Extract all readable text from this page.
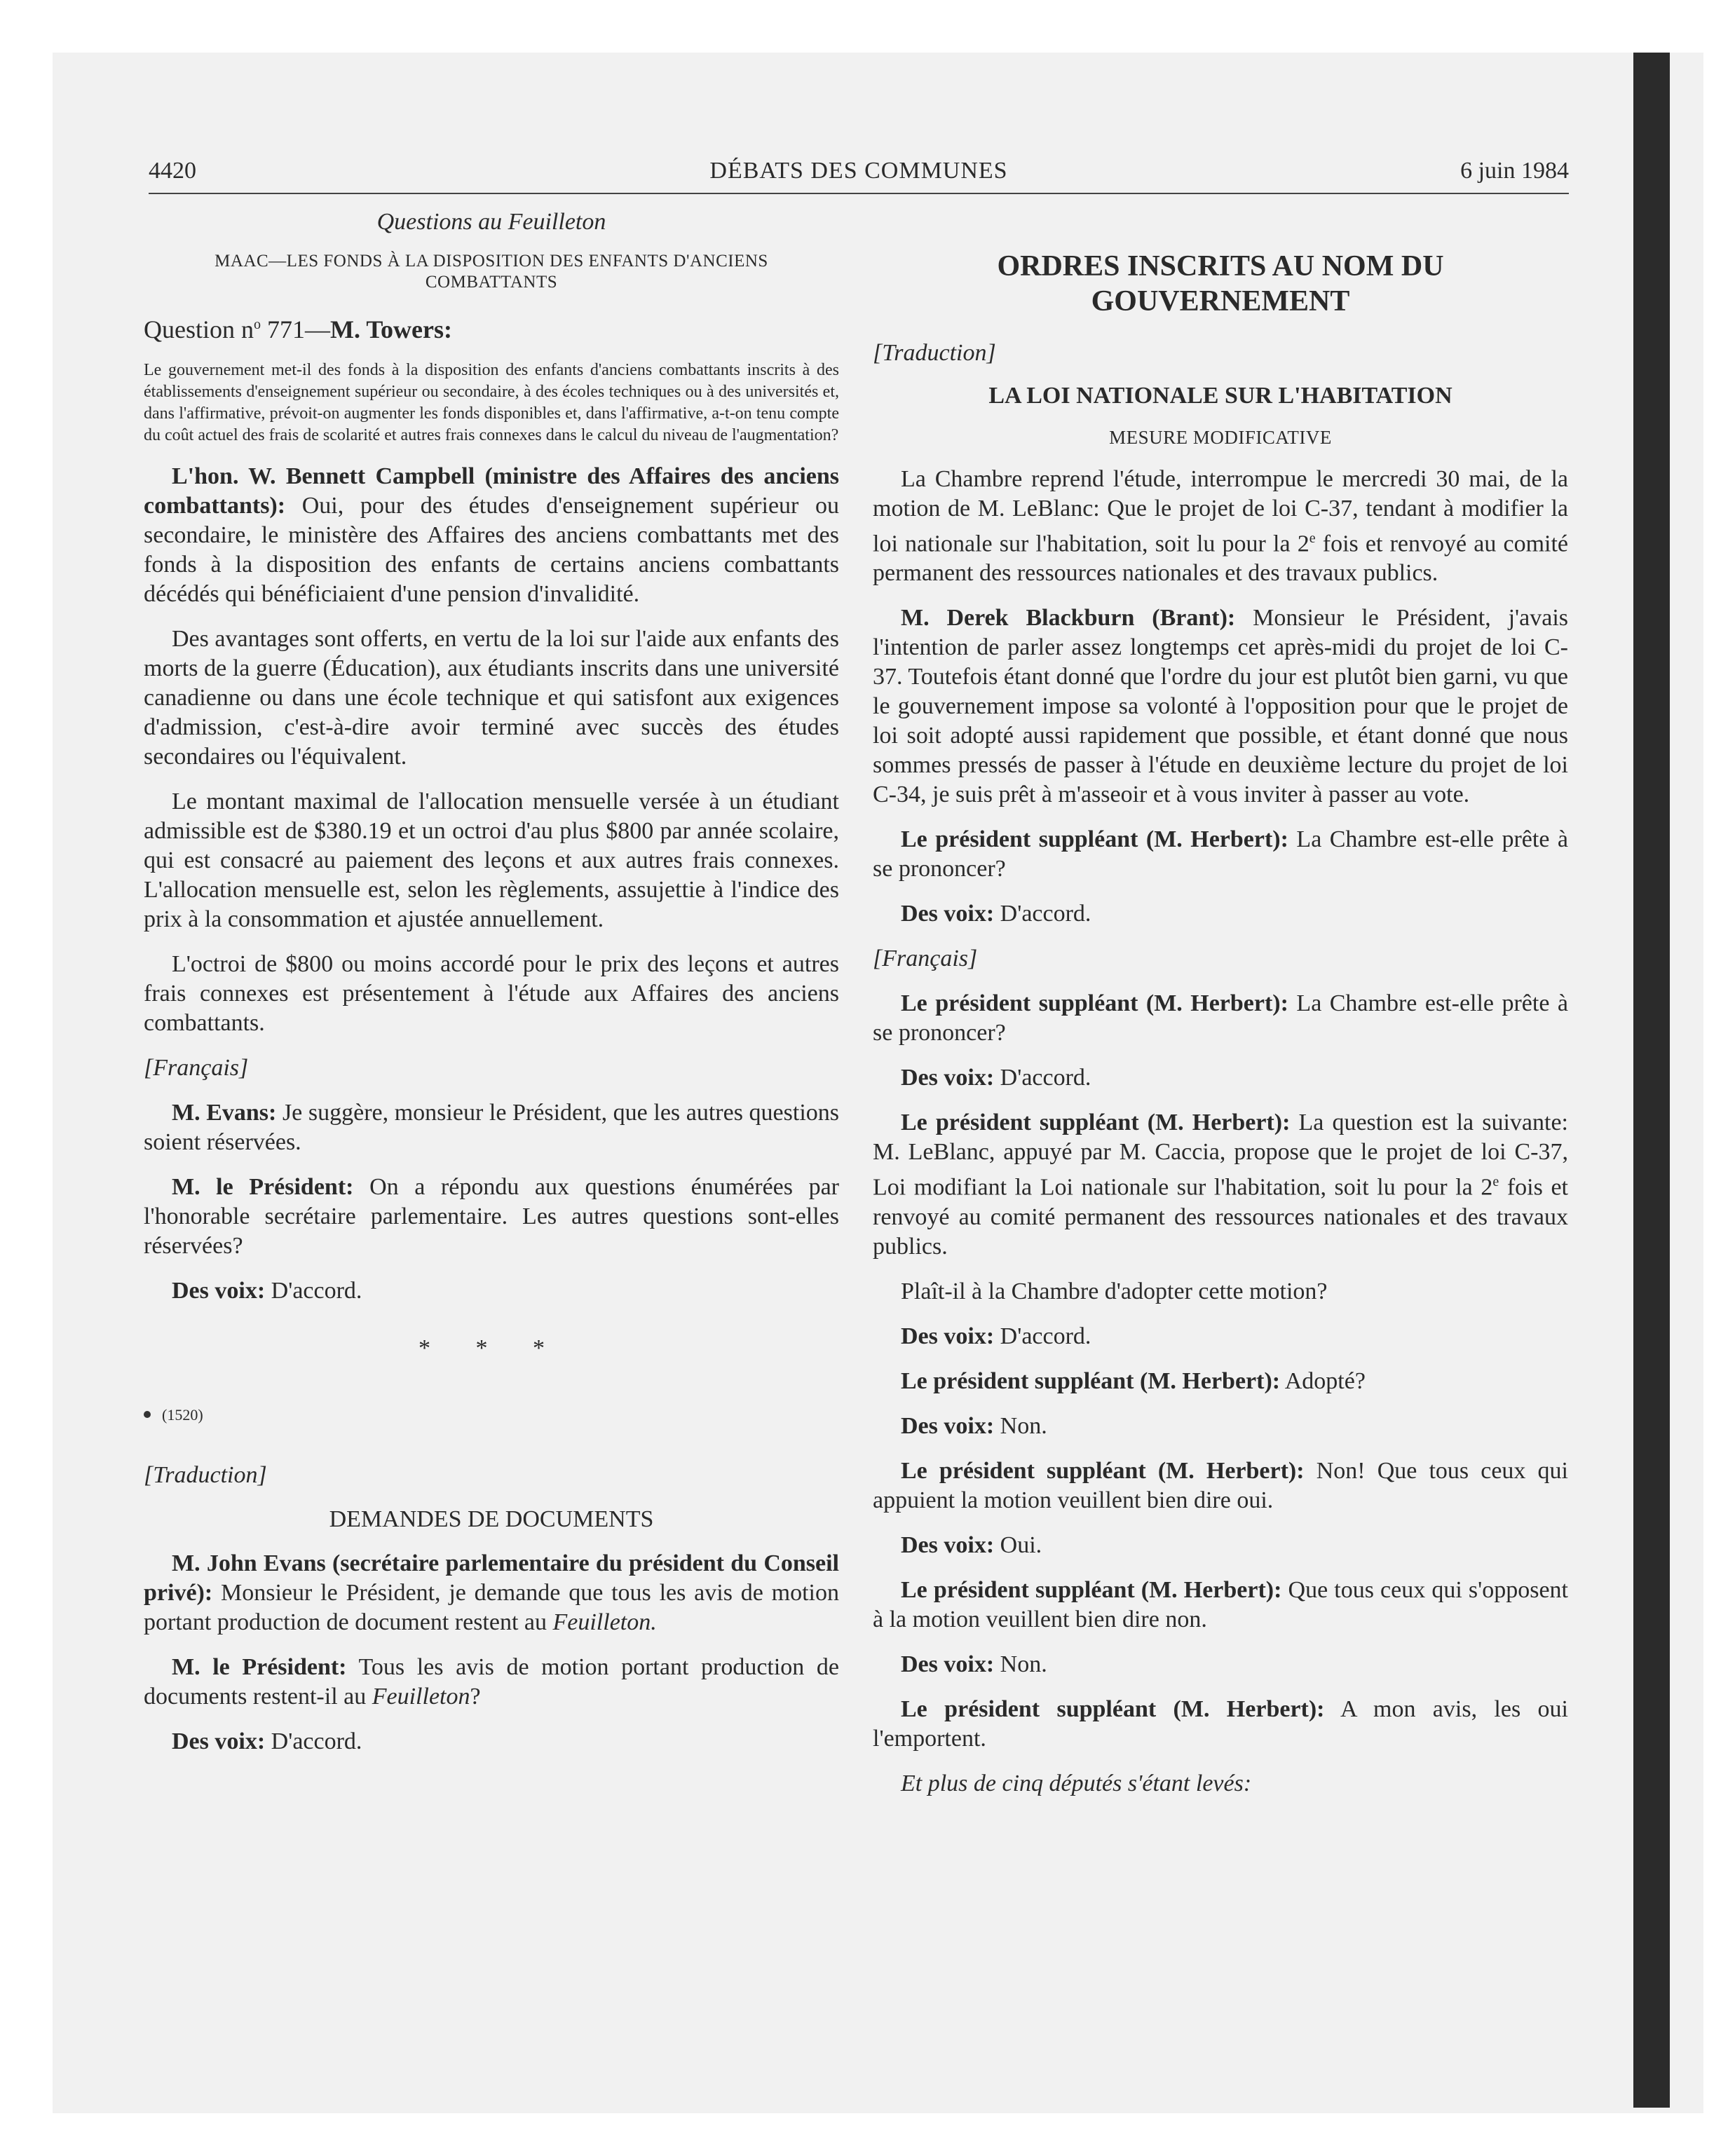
4420	DÉBATS DES COMMUNES	6 juin 1984

Questions au Feuilleton

MAAC—LES FONDS À LA DISPOSITION DES ENFANTS D'ANCIENS COMBATTANTS

Question $n^o$ 771—M. Towers:

Le gouvernement met-il des fonds à la disposition des enfants d'anciens combattants inscrits à des établissements d'enseignement supérieur ou secondaire, à des écoles techniques ou à des universités et, dans l'affirmative, prévoit-on augmenter les fonds disponibles et, dans l'affirmative, a-t-on tenu compte du coût actuel des frais de scolarité et autres frais connexes dans le calcul du niveau de l'augmentation?

L'hon. W. Bennett Campbell (ministre des Affaires des anciens combattants): Oui, pour des études d'enseignement supérieur ou secondaire, le ministère des Affaires des anciens combattants met des fonds à la disposition des enfants de certains anciens combattants décédés qui bénéficiaient d'une pension d'invalidité.

Des avantages sont offerts, en vertu de la loi sur l'aide aux enfants des morts de la guerre (Éducation), aux étudiants inscrits dans une université canadienne ou dans une école technique et qui satisfont aux exigences d'admission, c'est-à-dire avoir terminé avec succès des études secondaires ou l'équivalent.

Le montant maximal de l'allocation mensuelle versée à un étudiant admissible est de $380.19 et un octroi d'au plus $800 par année scolaire, qui est consacré au paiement des leçons et aux autres frais connexes. L'allocation mensuelle est, selon les règlements, assujettie à l'indice des prix à la consommation et ajustée annuellement.

L'octroi de $800 ou moins accordé pour le prix des leçons et autres frais connexes est présentement à l'étude aux Affaires des anciens combattants.

[Français]

M. Evans: Je suggère, monsieur le Président, que les autres questions soient réservées.

M. le Président: On a répondu aux questions énumérées par l'honorable secrétaire parlementaire. Les autres questions sont-elles réservées?

Des voix: D'accord.

* * *

(1520)

[Traduction]

DEMANDES DE DOCUMENTS

M. John Evans (secrétaire parlementaire du président du Conseil privé): Monsieur le Président, je demande que tous les avis de motion portant production de document restent au Feuilleton.

M. le Président: Tous les avis de motion portant production de documents restent-il au Feuilleton?

Des voix: D'accord.

ORDRES INSCRITS AU NOM DU GOUVERNEMENT

[Traduction]

LA LOI NATIONALE SUR L'HABITATION

MESURE MODIFICATIVE

La Chambre reprend l'étude, interrompue le mercredi 30 mai, de la motion de M. LeBlanc: Que le projet de loi C-37, tendant à modifier la loi nationale sur l'habitation, soit lu pour la 2e fois et renvoyé au comité permanent des ressources nationales et des travaux publics.

M. Derek Blackburn (Brant): Monsieur le Président, j'avais l'intention de parler assez longtemps cet après-midi du projet de loi C-37. Toutefois étant donné que l'ordre du jour est plutôt bien garni, vu que le gouvernement impose sa volonté à l'opposition pour que le projet de loi soit adopté aussi rapidement que possible, et étant donné que nous sommes pressés de passer à l'étude en deuxième lecture du projet de loi C-34, je suis prêt à m'asseoir et à vous inviter à passer au vote.

Le président suppléant (M. Herbert): La Chambre est-elle prête à se prononcer?

Des voix: D'accord.

[Français]

Le président suppléant (M. Herbert): La Chambre est-elle prête à se prononcer?

Des voix: D'accord.

Le président suppléant (M. Herbert): La question est la suivante: M. LeBlanc, appuyé par M. Caccia, propose que le projet de loi C-37, Loi modifiant la Loi nationale sur l'habitation, soit lu pour la 2e fois et renvoyé au comité permanent des ressources nationales et des travaux publics.

Plaît-il à la Chambre d'adopter cette motion?

Des voix: D'accord.

Le président suppléant (M. Herbert): Adopté?

Des voix: Non.

Le président suppléant (M. Herbert): Non! Que tous ceux qui appuient la motion veuillent bien dire oui.

Des voix: Oui.

Le président suppléant (M. Herbert): Que tous ceux qui s'opposent à la motion veuillent bien dire non.

Des voix: Non.

Le président suppléant (M. Herbert): A mon avis, les oui l'emportent.

Et plus de cinq députés s'étant levés:
